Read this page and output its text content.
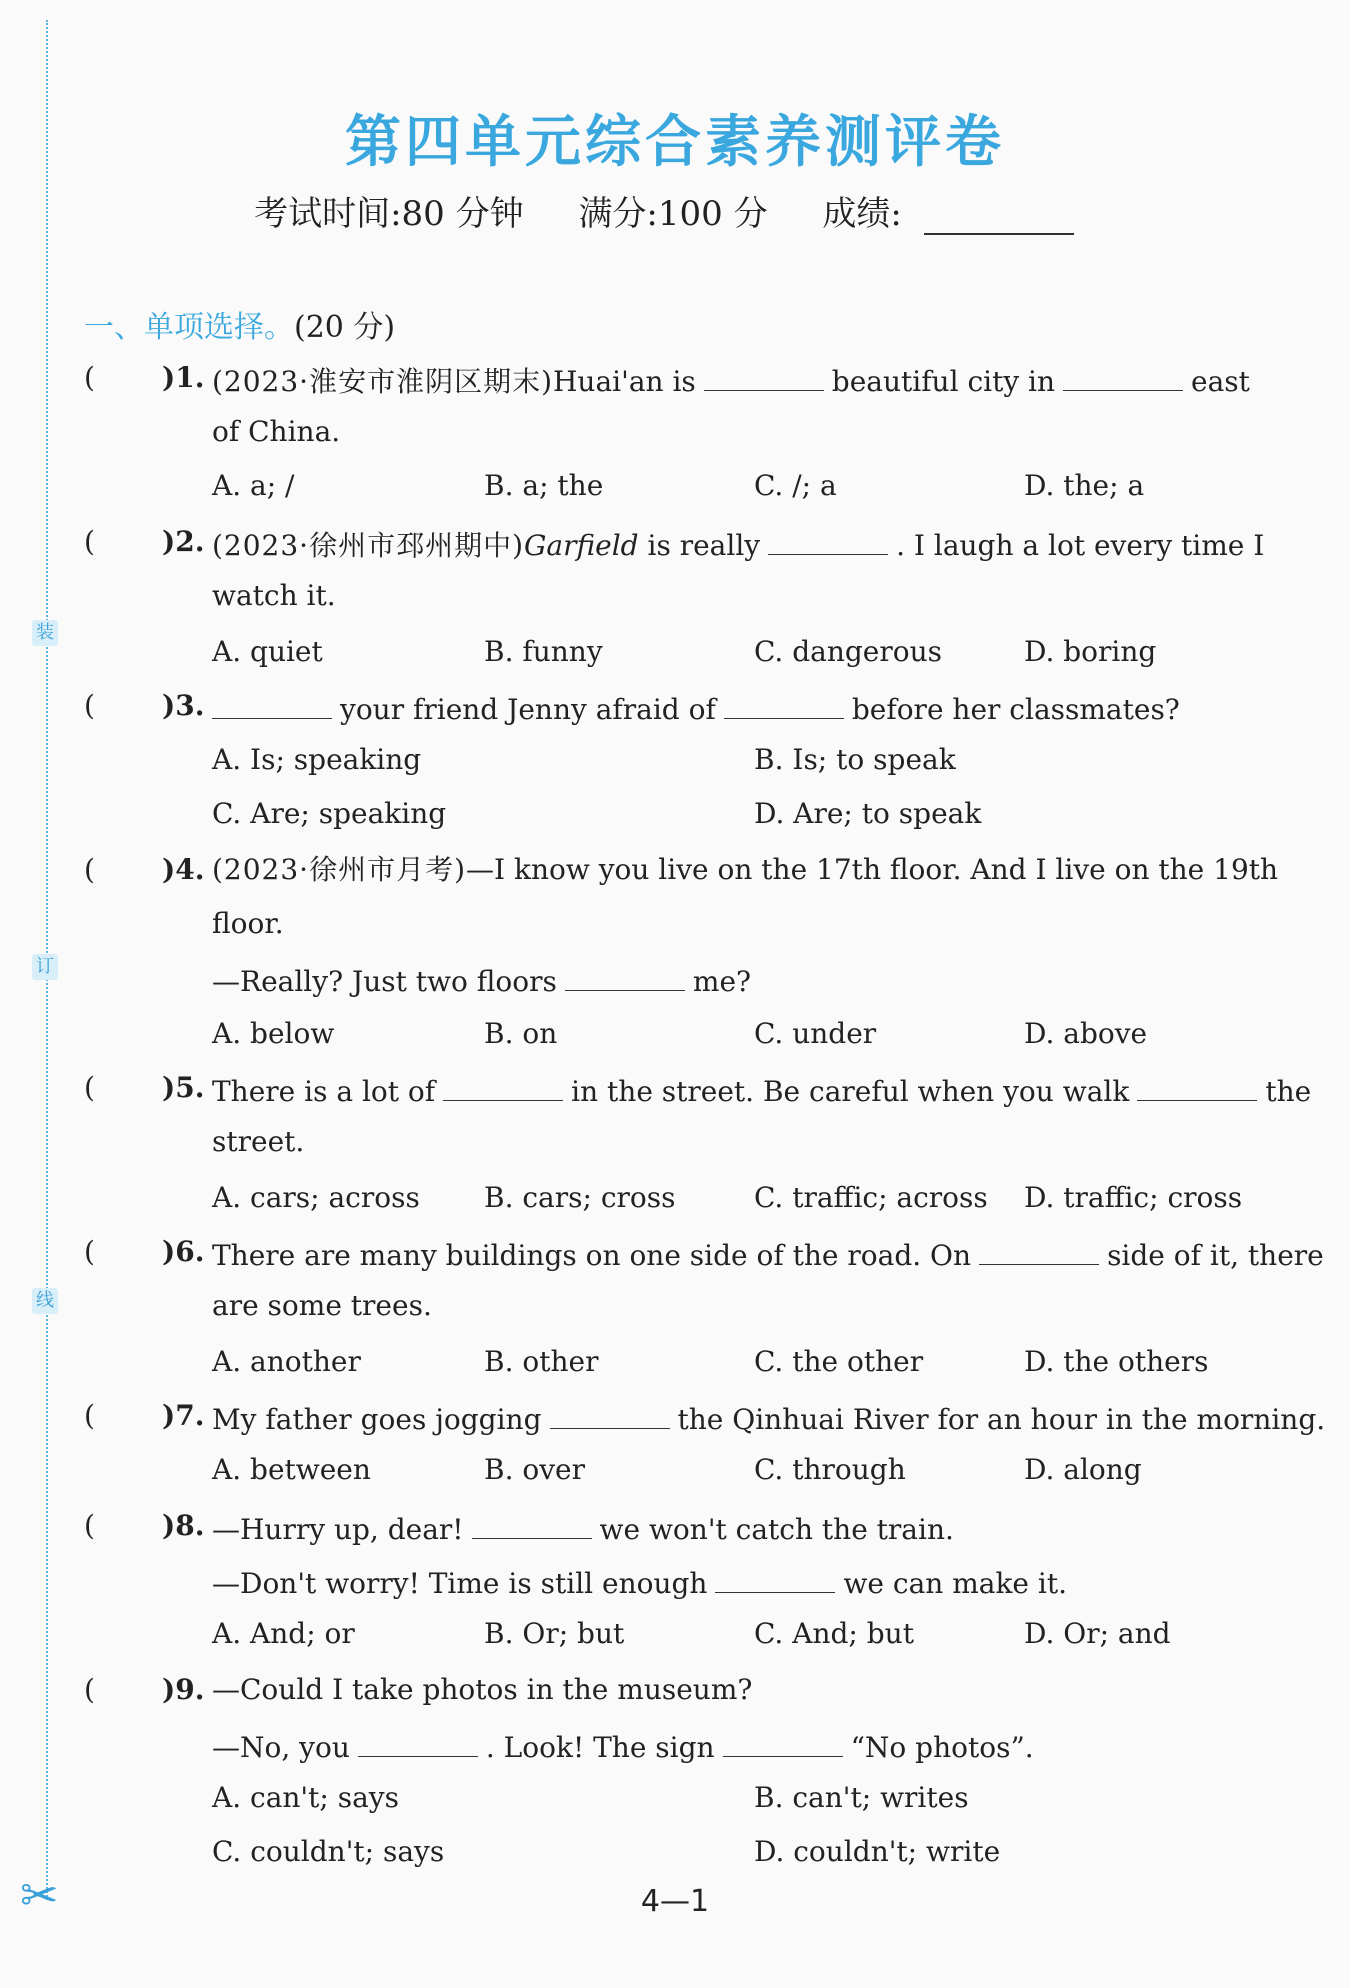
装
订
线
✂
第四单元综合素养测评卷
考试时间:80 分钟 满分:100 分 成绩:
一、单项选择。(20 分)
( )1. (2023·淮安市淮阴区期末)Huai'an is	beautiful city in	east
of China.
A. a; /	B. a; the	C. /; a	D. the; a
( )2. (2023·徐州市邳州期中)Garfield is really	. I laugh a lot every time I
watch it.
A. quiet	B. funny	C. dangerous	D. boring
( )3.	your friend Jenny afraid of	before her classmates?
A. Is; speaking	B. Is; to speak
C. Are; speaking	D. Are; to speak
( )4. (2023·徐州市月考)—I know you live on the 17th floor. And I live on the 19th
floor.
—Really? Just two floors	me?
A. below	B. on	C. under	D. above
( )5. There is a lot of	in the street. Be careful when you walk	the
street.
A. cars; across B. cars; cross	C. traffic; across D. traffic; cross
( )6. There are many buildings on one side of the road. On	side of it, there
are some trees.
A. another	B. other	C. the other	D. the others
( )7. My father goes jogging	the Qinhuai River for an hour in the morning.
A. between	B. over	C. through	D. along
( )8. —Hurry up, dear!	we won't catch the train.
—Don't worry! Time is still enough	we can make it.
A. And; or	B. Or; but	C. And; but	D. Or; and
( )9. —Could I take photos in the museum?
—No, you	. Look! The sign	“No photos”.
A. can't; says	B. can't; writes
C. couldn't; says	D. couldn't; write
4—1
